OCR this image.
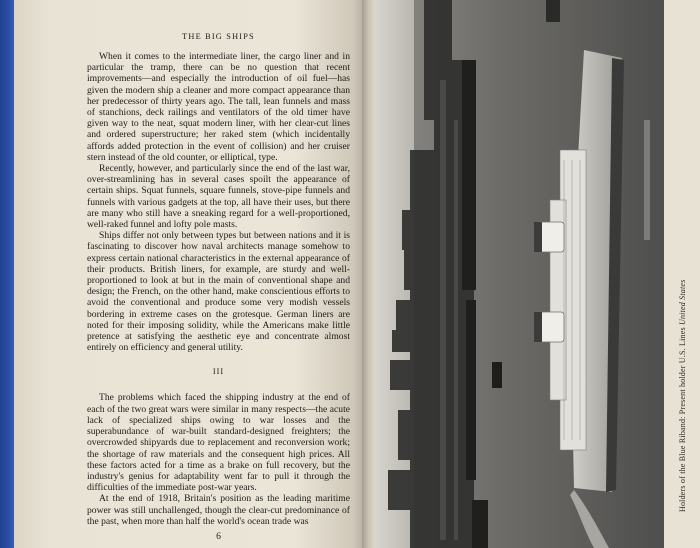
THE BIG SHIPS

When it comes to the intermediate liner, the cargo liner and in particular the tramp, there can be no question that recent improvements—and especially the introduction of oil fuel—has given the modern ship a cleaner and more compact appearance than her predecessor of thirty years ago. The tall, lean funnels and mass of stanchions, deck railings and ventilators of the old timer have given way to the neat, squat modern liner, with her clear-cut lines and ordered superstructure; her raked stem (which incidentally affords added protection in the event of collision) and her cruiser stern instead of the old counter, or elliptical, type.

Recently, however, and particularly since the end of the last war, over-streamlining has in several cases spoilt the appearance of certain ships. Squat funnels, square funnels, stove-pipe funnels and funnels with various gadgets at the top, all have their uses, but there are many who still have a sneaking regard for a well-proportioned, well-raked funnel and lofty pole masts.

Ships differ not only between types but between nations and it is fascinating to discover how naval architects manage somehow to express certain national characteristics in the external appearance of their products. British liners, for example, are sturdy and well-proportioned to look at but in the main of conventional shape and design; the French, on the other hand, make conscientious efforts to avoid the conventional and produce some very modish vessels bordering in extreme cases on the grotesque. German liners are noted for their imposing solidity, while the Americans make little pretence at satisfying the aesthetic eye and concentrate almost entirely on efficiency and general utility.

III

The problems which faced the shipping industry at the end of each of the two great wars were similar in many respects—the acute lack of specialized ships owing to war losses and the superabundance of war-built standard-designed freighters; the overcrowded shipyards due to replacement and reconversion work; the shortage of raw materials and the consequent high prices. All these factors acted for a time as a brake on full recovery, but the industry's genius for adaptability went far to pull it through the difficulties of the immediate post-war years.

At the end of 1918, Britain's position as the leading maritime power was still unchallenged, though the clear-cut predominance of the past, when more than half the world's ocean trade was

6
Holders of the Blue Riband: Present holder U.S. Lines United States
